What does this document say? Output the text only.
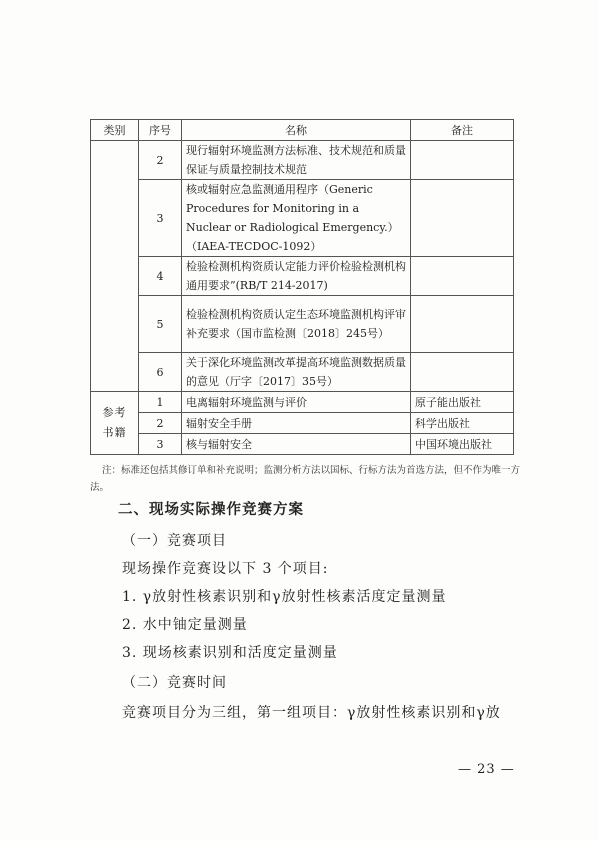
类别	序号	名称	备注
	2	现行辐射环境监测方法标准、技术规范和质量保证与质量控制技术规范	
	3	核或辐射应急监测通用程序（Generic Procedures for Monitoring in a Nuclear or Radiological Emergency.）（IAEA-TECDOC-1092）	
	4	检验检测机构资质认定能力评价检验检测机构通用要求”(RB/T 214-2017)	
	5	检验检测机构资质认定生态环境监测机构评审补充要求（国市监检测〔2018〕245号）	
	6	关于深化环境监测改革提高环境监测数据质量的意见（厅字〔2017〕35号）	
参考书籍	1	电离辐射环境监测与评价	原子能出版社
	2	辐射安全手册	科学出版社
	3	核与辐射安全	中国环境出版社
注：标准还包括其修订单和补充说明；监测分析方法以国标、行标方法为首选方法，但不作为唯一方法。
二、现场实际操作竞赛方案
（一）竞赛项目
现场操作竞赛设以下 3 个项目:
1. γ放射性核素识别和γ放射性核素活度定量测量
2. 水中铀定量测量
3. 现场核素识别和活度定量测量
（二）竞赛时间
竞赛项目分为三组，第一组项目：γ放射性核素识别和γ放
— 23 —
